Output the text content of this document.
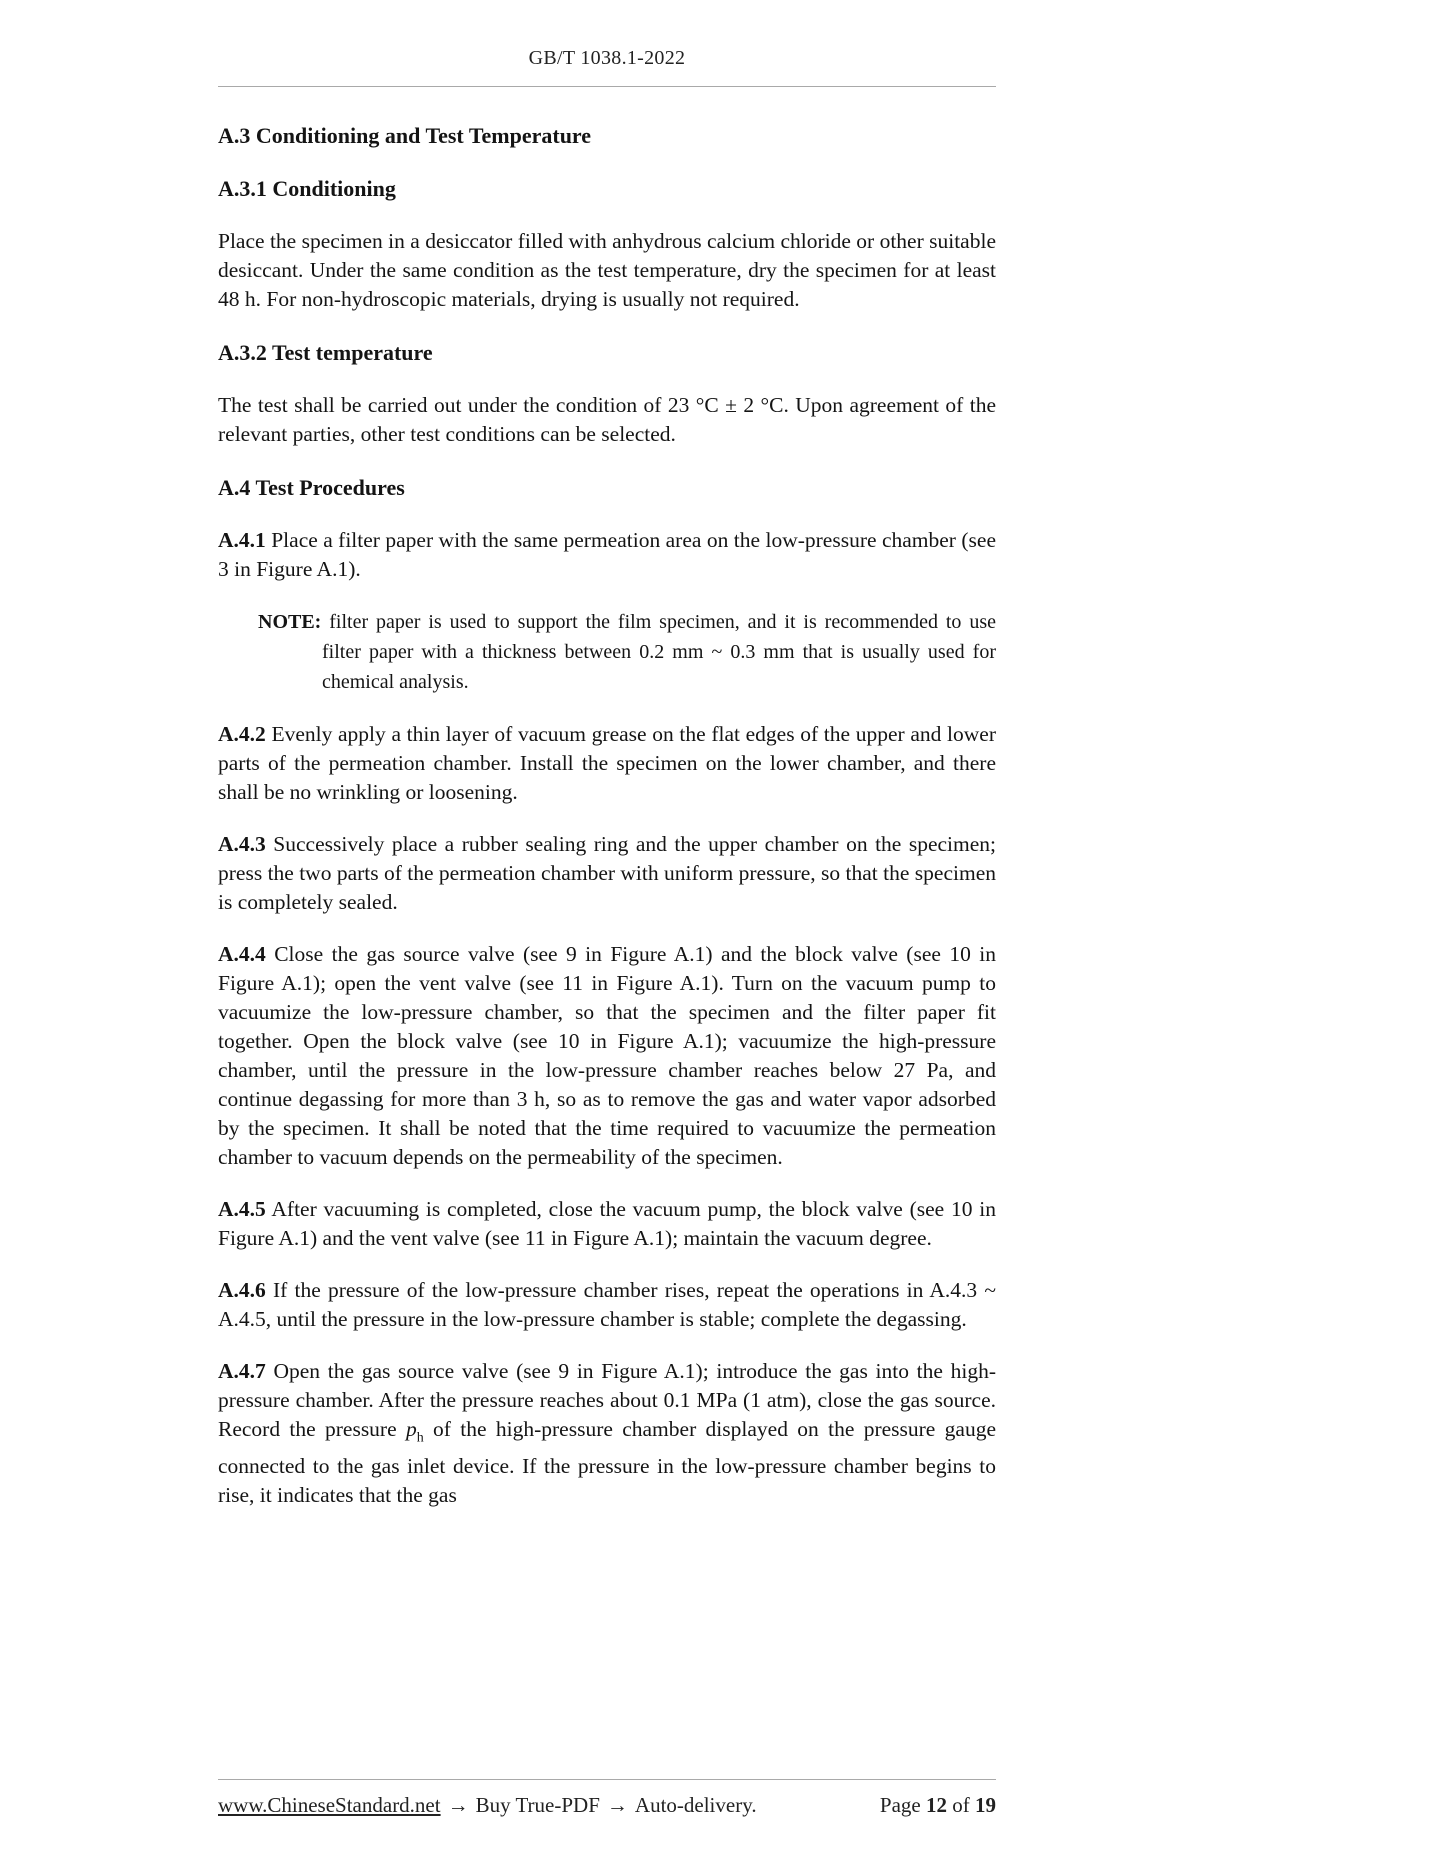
GB/T 1038.1-2022
A.3 Conditioning and Test Temperature
A.3.1 Conditioning

Place the specimen in a desiccator filled with anhydrous calcium chloride or other suitable desiccant. Under the same condition as the test temperature, dry the specimen for at least 48 h. For non-hydroscopic materials, drying is usually not required.

A.3.2 Test temperature

The test shall be carried out under the condition of 23 °C ± 2 °C. Upon agreement of the relevant parties, other test conditions can be selected.

A.4 Test Procedures

A.4.1 Place a filter paper with the same permeation area on the low-pressure chamber (see 3 in Figure A.1).

NOTE: filter paper is used to support the film specimen, and it is recommended to use filter paper with a thickness between 0.2 mm ~ 0.3 mm that is usually used for chemical analysis.

A.4.2 Evenly apply a thin layer of vacuum grease on the flat edges of the upper and lower parts of the permeation chamber. Install the specimen on the lower chamber, and there shall be no wrinkling or loosening.

A.4.3 Successively place a rubber sealing ring and the upper chamber on the specimen; press the two parts of the permeation chamber with uniform pressure, so that the specimen is completely sealed.

A.4.4 Close the gas source valve (see 9 in Figure A.1) and the block valve (see 10 in Figure A.1); open the vent valve (see 11 in Figure A.1). Turn on the vacuum pump to vacuumize the low-pressure chamber, so that the specimen and the filter paper fit together. Open the block valve (see 10 in Figure A.1); vacuumize the high-pressure chamber, until the pressure in the low-pressure chamber reaches below 27 Pa, and continue degassing for more than 3 h, so as to remove the gas and water vapor adsorbed by the specimen. It shall be noted that the time required to vacuumize the permeation chamber to vacuum depends on the permeability of the specimen.

A.4.5 After vacuuming is completed, close the vacuum pump, the block valve (see 10 in Figure A.1) and the vent valve (see 11 in Figure A.1); maintain the vacuum degree.

A.4.6 If the pressure of the low-pressure chamber rises, repeat the operations in A.4.3 ~ A.4.5, until the pressure in the low-pressure chamber is stable; complete the degassing.

A.4.7 Open the gas source valve (see 9 in Figure A.1); introduce the gas into the high-pressure chamber. After the pressure reaches about 0.1 MPa (1 atm), close the gas source. Record the pressure $p_h$ of the high-pressure chamber displayed on the pressure gauge connected to the gas inlet device. If the pressure in the low-pressure chamber begins to rise, it indicates that the gas

www.ChineseStandard.net → Buy True-PDF → Auto-delivery.	Page 12 of 19
